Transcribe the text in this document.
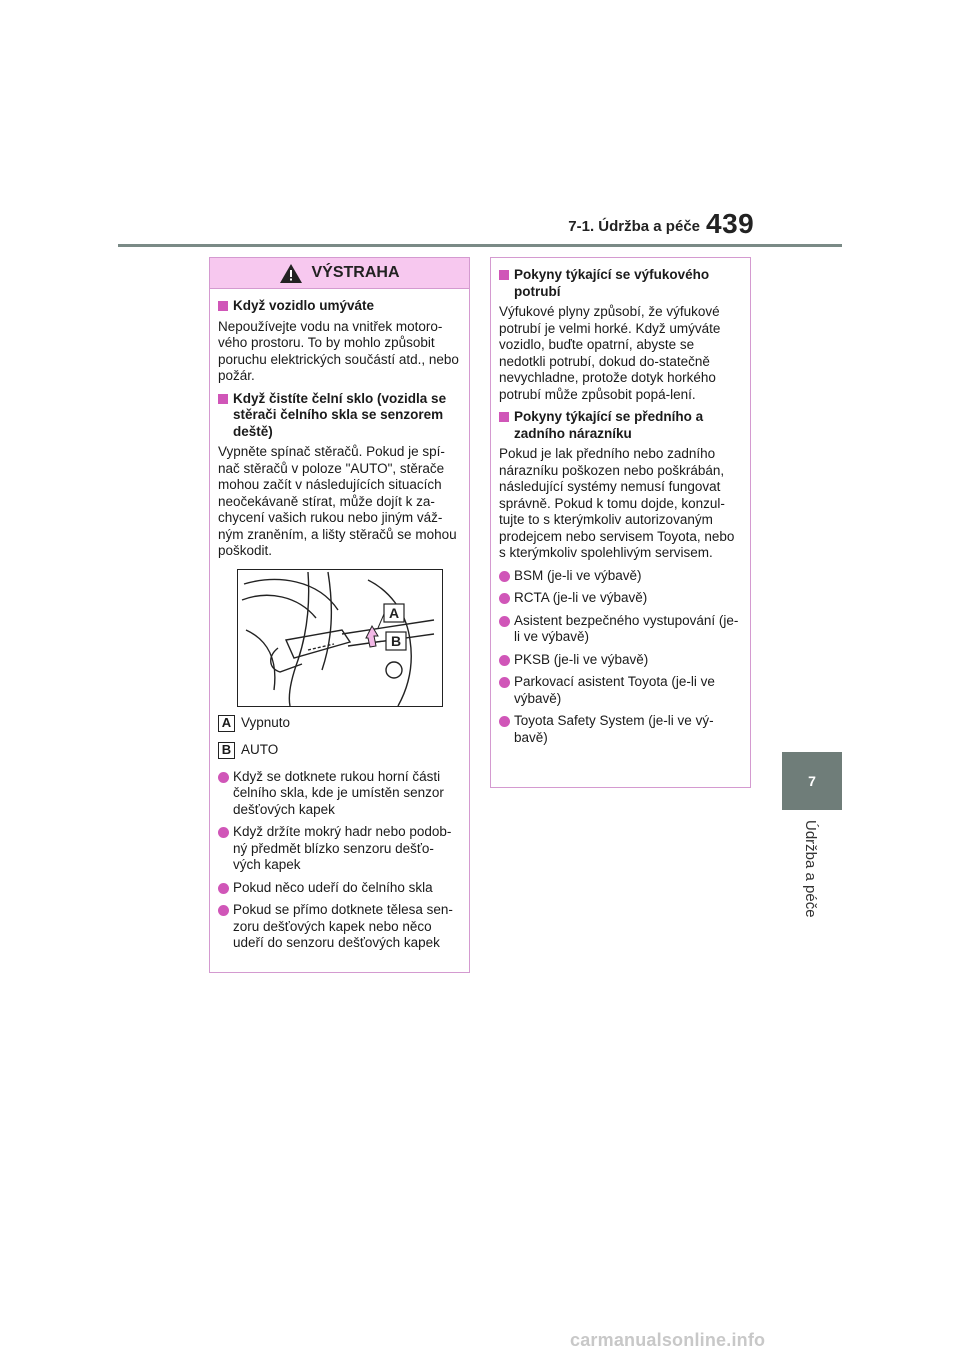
7-1. Údržba a péče 439
7
Údržba a péče
VÝSTRAHA
Když vozidlo umýváte
Nepoužívejte vodu na vnitřek motoro-vého prostoru. To by mohlo způsobit poruchu elektrických součástí atd., nebo požár.
Když čistíte čelní sklo (vozidla se stěrači čelního skla se senzorem deště)
Vypněte spínač stěračů. Pokud je spí-nač stěračů v poloze "AUTO", stěrače mohou začít v následujících situacích neočekávaně stírat, může dojít k za-chycení vašich rukou nebo jiným váž-ným zraněním, a lišty stěračů se mohou poškodit.
A
B
A Vypnuto
B AUTO
Když se dotknete rukou horní části čelního skla, kde je umístěn senzor dešťových kapek
Když držíte mokrý hadr nebo podob-ný předmět blízko senzoru dešťo-vých kapek
Pokud něco udeří do čelního skla
Pokud se přímo dotknete tělesa sen-zoru dešťových kapek nebo něco udeří do senzoru dešťových kapek
Pokyny týkající se výfukového potrubí
Výfukové plyny způsobí, že výfukové potrubí je velmi horké. Když umýváte vozidlo, buďte opatrní, abyste se nedotkli potrubí, dokud do-statečně nevychladne, protože dotyk horkého potrubí může způsobit popá-lení.
Pokyny týkající se předního a zadního nárazníku
Pokud je lak předního nebo zadního nárazníku poškozen nebo poškrábán, následující systémy nemusí fungovat správně. Pokud k tomu dojde, konzul-tujte to s kterýmkoliv autorizovaným prodejcem nebo servisem Toyota, nebo s kterýmkoliv spolehlivým servisem.
BSM (je-li ve výbavě)
RCTA (je-li ve výbavě)
Asistent bezpečného vystupování (je-li ve výbavě)
PKSB (je-li ve výbavě)
Parkovací asistent Toyota (je-li ve výbavě)
Toyota Safety System (je-li ve vý-bavě)
carmanualsonline.info
